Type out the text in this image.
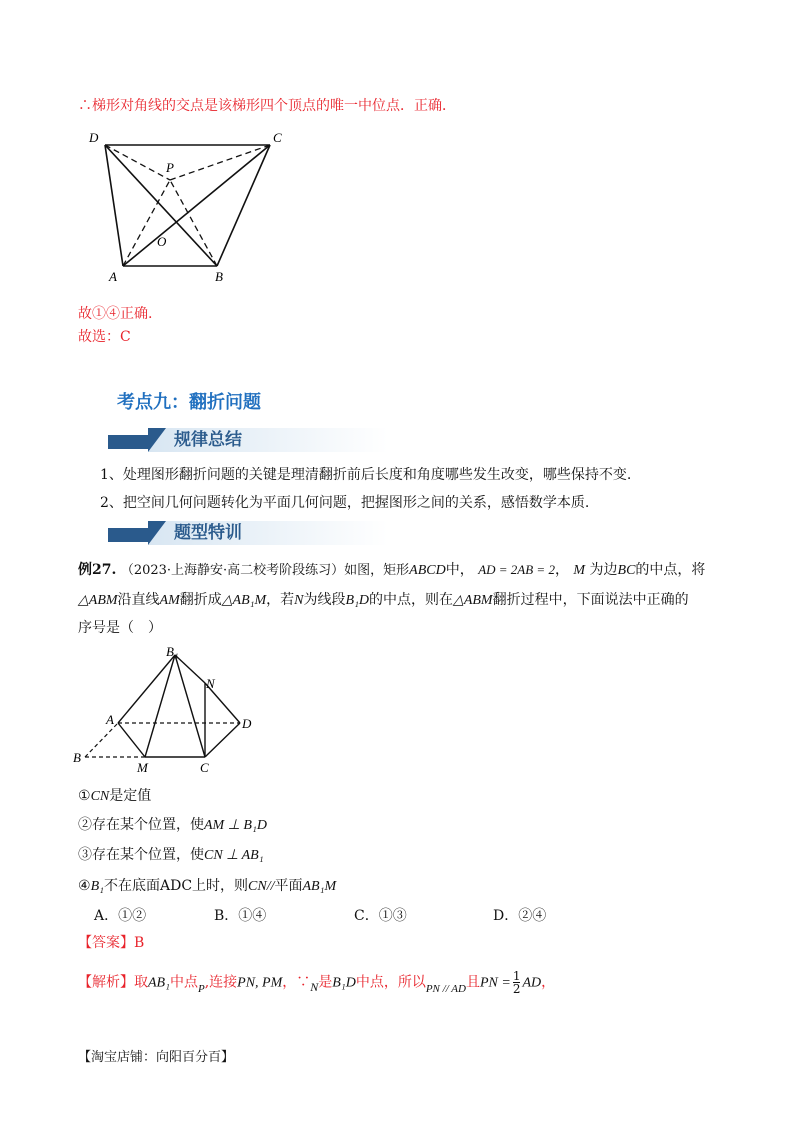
∴梯形对角线的交点是该梯形四个顶点的唯一中位点．正确．
D	C
P
O
A	B
故①④正确.
故选：C
考点九：翻折问题
规律总结
1、处理图形翻折问题的关键是理清翻折前后长度和角度哪些发生改变，哪些保持不变.
2、把空间几何问题转化为平面几何问题，把握图形之间的关系，感悟数学本质.
题型特训
例27. （2023·上海静安·高二校考阶段练习）如图，矩形ABCD中， AD = 2AB = 2， M 为边BC的中点，将
△ABM沿直线AM翻折成△AB₁M，若N为线段B₁D的中点，则在△ABM翻折过程中，下面说法中正确的
序号是（　）
B₁
N
A	D
B
M	C
①CN是定值
②存在某个位置，使AM ⊥ B₁D
③存在某个位置，使CN ⊥ AB₁
④B₁不在底面ADC上时，则CN//平面AB₁M
A．①②	B．①④	C．①③	D．②④
【答案】B
【解析】取AB₁中点$_P$,连接PN, PM，∵N是B₁D中点，所以$_{PN // AD}$且PN = $\frac{1}{2}$ AD，
【淘宝店铺：向阳百分百】
